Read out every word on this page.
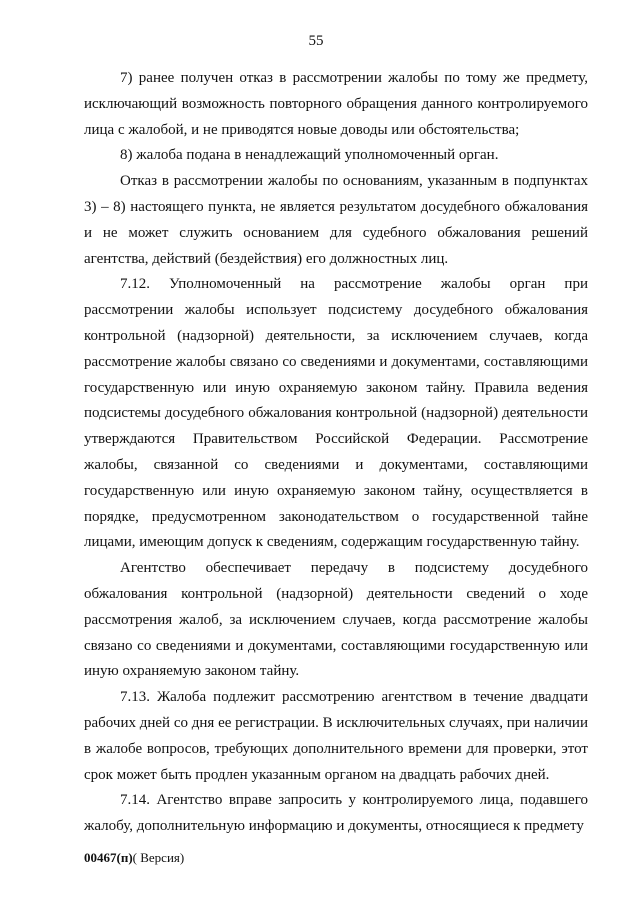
55

7) ранее получен отказ в рассмотрении жалобы по тому же предмету, исключающий возможность повторного обращения данного контролируемого лица с жалобой, и не приводятся новые доводы или обстоятельства;

8) жалоба подана в ненадлежащий уполномоченный орган.

Отказ в рассмотрении жалобы по основаниям, указанным в подпунктах 3) – 8) настоящего пункта, не является результатом досудебного обжалования и не может служить основанием для судебного обжалования решений агентства, действий (бездействия) его должностных лиц.

7.12. Уполномоченный на рассмотрение жалобы орган при рассмотрении жалобы использует подсистему досудебного обжалования контрольной (надзорной) деятельности, за исключением случаев, когда рассмотрение жалобы связано со сведениями и документами, составляющими государственную или иную охраняемую законом тайну. Правила ведения подсистемы досудебного обжалования контрольной (надзорной) деятельности утверждаются Правительством Российской Федерации. Рассмотрение жалобы, связанной со сведениями и документами, составляющими государственную или иную охраняемую законом тайну, осуществляется в порядке, предусмотренном законодательством о государственной тайне лицами, имеющим допуск к сведениям, содержащим государственную тайну.

Агентство обеспечивает передачу в подсистему досудебного обжалования контрольной (надзорной) деятельности сведений о ходе рассмотрения жалоб, за исключением случаев, когда рассмотрение жалобы связано со сведениями и документами, составляющими государственную или иную охраняемую законом тайну.

7.13. Жалоба подлежит рассмотрению агентством в течение двадцати рабочих дней со дня ее регистрации. В исключительных случаях, при наличии в жалобе вопросов, требующих дополнительного времени для проверки, этот срок может быть продлен указанным органом на двадцать рабочих дней.

7.14. Агентство вправе запросить у контролируемого лица, подавшего жалобу, дополнительную информацию и документы, относящиеся к предмету

00467(п)( Версия)
